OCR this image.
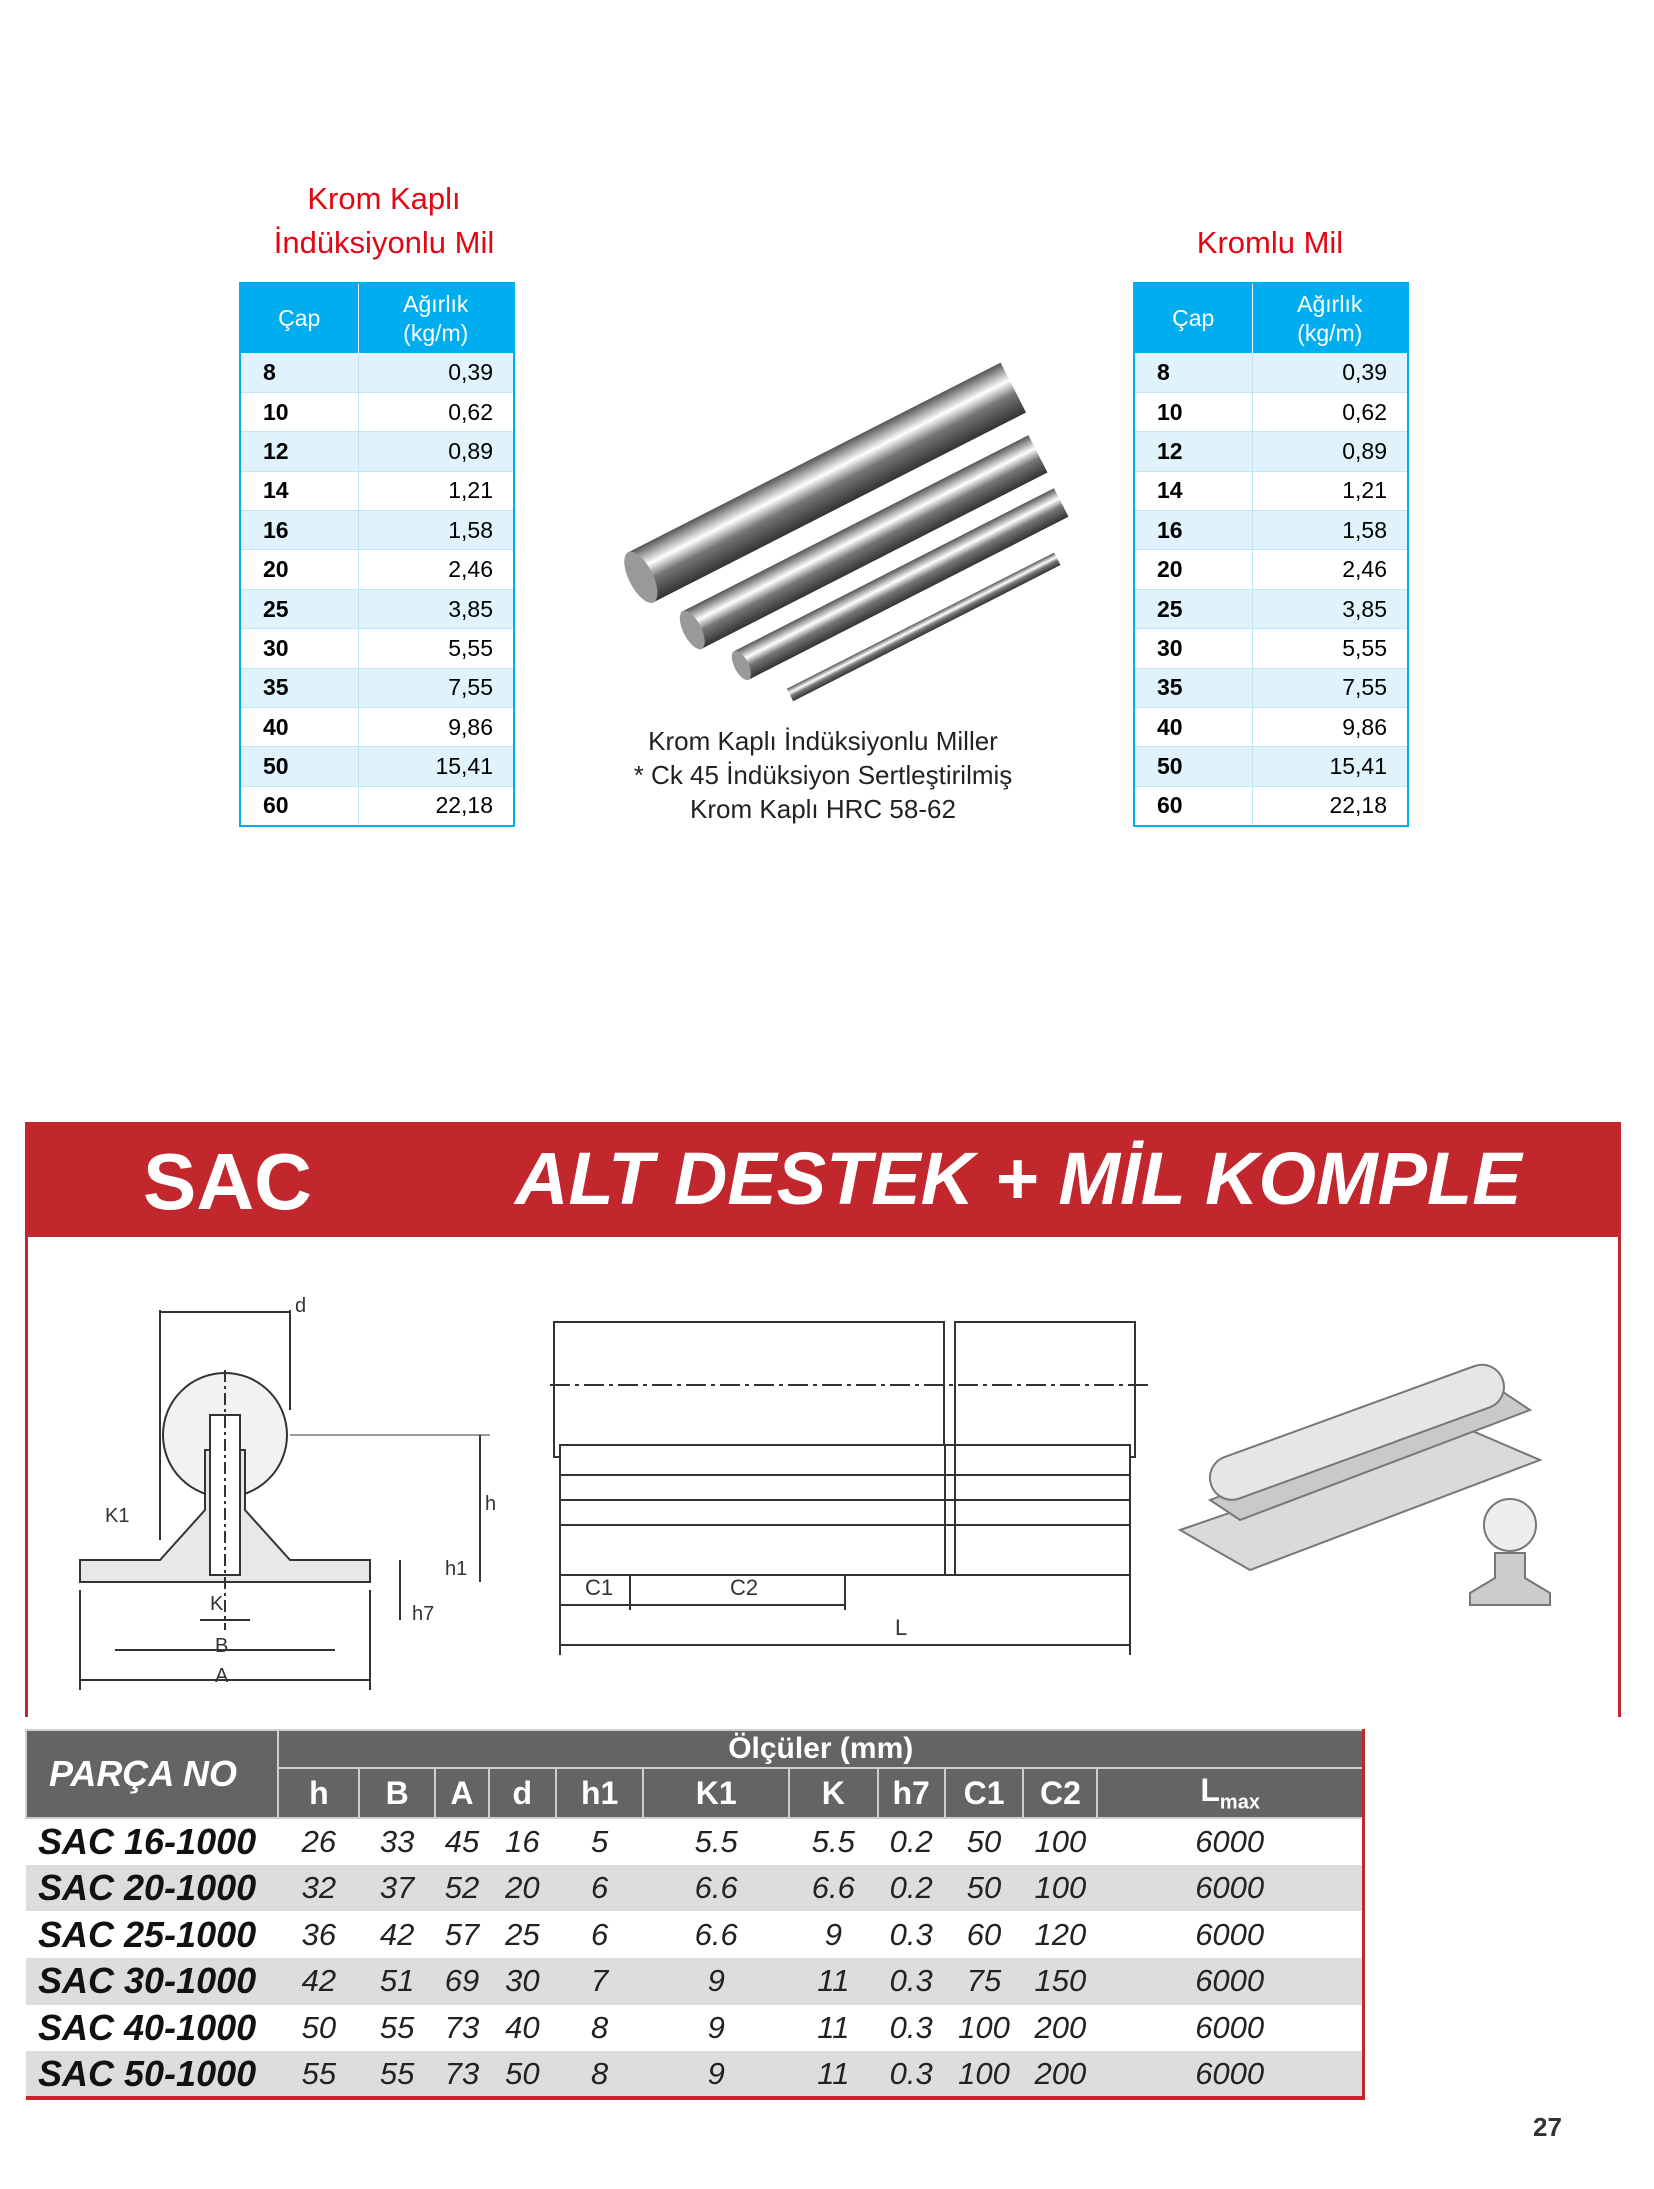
Krom Kaplı
İndüksiyonlu Mil
Çap	Ağırlık
(kg/m)
8	0,39
10	0,62
12	0,89
14	1,21
16	1,58
20	2,46
25	3,85
30	5,55
35	7,55
40	9,86
50	15,41
60	22,18
Kromlu Mil
Çap	Ağırlık
(kg/m)
8	0,39
10	0,62
12	0,89
14	1,21
16	1,58
20	2,46
25	3,85
30	5,55
35	7,55
40	9,86
50	15,41
60	22,18
Krom Kaplı İndüksiyonlu Miller
* Ck 45 İndüksiyon Sertleştirilmiş
Krom Kaplı HRC 58-62
SAC	ALT DESTEK + MİL KOMPLE
d
K1
h
h1
K	h7
B
A
C1	C2
L
PARÇA NO	Ölçüler (mm)										
	h	B	A	d	h1	K1	K	h7	C1	C2	$L_{max}$
SAC 16-1000	26	33	45	16	5	5.5	5.5	0.2	50	100	6000
SAC 20-1000	32	37	52	20	6	6.6	6.6	0.2	50	100	6000
SAC 25-1000	36	42	57	25	6	6.6	9	0.3	60	120	6000
SAC 30-1000	42	51	69	30	7	9	11	0.3	75	150	6000
SAC 40-1000	50	55	73	40	8	9	11	0.3	100	200	6000
SAC 50-1000	55	55	73	50	8	9	11	0.3	100	200	6000
27
